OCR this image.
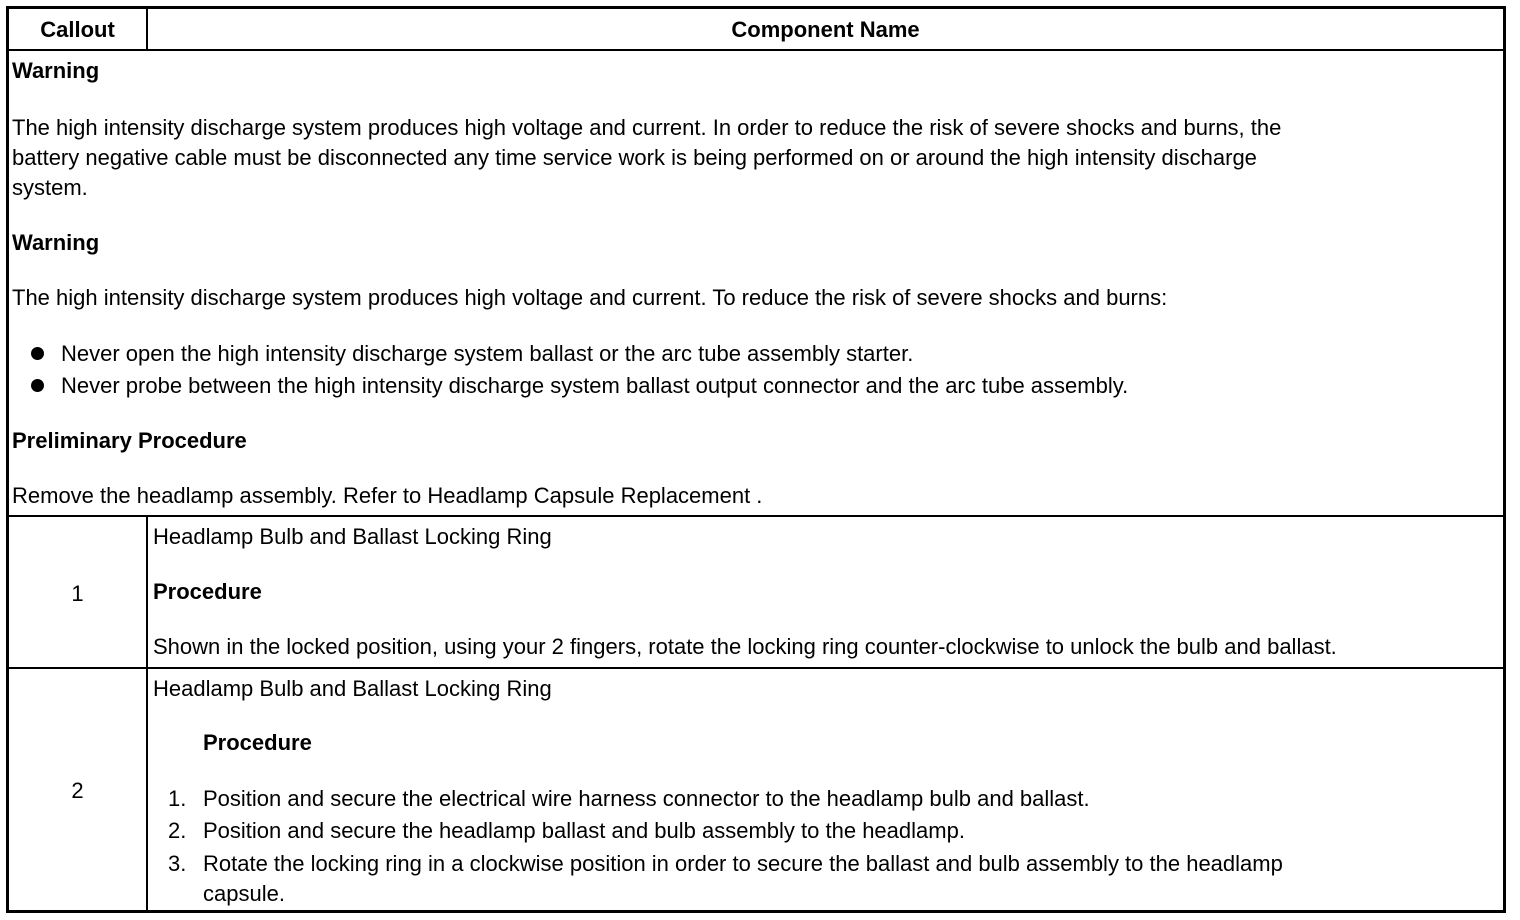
Callout	Component Name
Warning
The high intensity discharge system produces high voltage and current. In order to reduce the risk of severe shocks and burns, the
battery negative cable must be disconnected any time service work is being performed on or around the high intensity discharge
system.
Warning
The high intensity discharge system produces high voltage and current. To reduce the risk of severe shocks and burns:
Never open the high intensity discharge system ballast or the arc tube assembly starter.
Never probe between the high intensity discharge system ballast output connector and the arc tube assembly.
Preliminary Procedure
Remove the headlamp assembly. Refer to Headlamp Capsule Replacement .
1
Headlamp Bulb and Ballast Locking Ring
Procedure
Shown in the locked position, using your 2 fingers, rotate the locking ring counter-clockwise to unlock the bulb and ballast.
2
Headlamp Bulb and Ballast Locking Ring
Procedure
1. Position and secure the electrical wire harness connector to the headlamp bulb and ballast.
2. Position and secure the headlamp ballast and bulb assembly to the headlamp.
3. Rotate the locking ring in a clockwise position in order to secure the ballast and bulb assembly to the headlamp
capsule.
